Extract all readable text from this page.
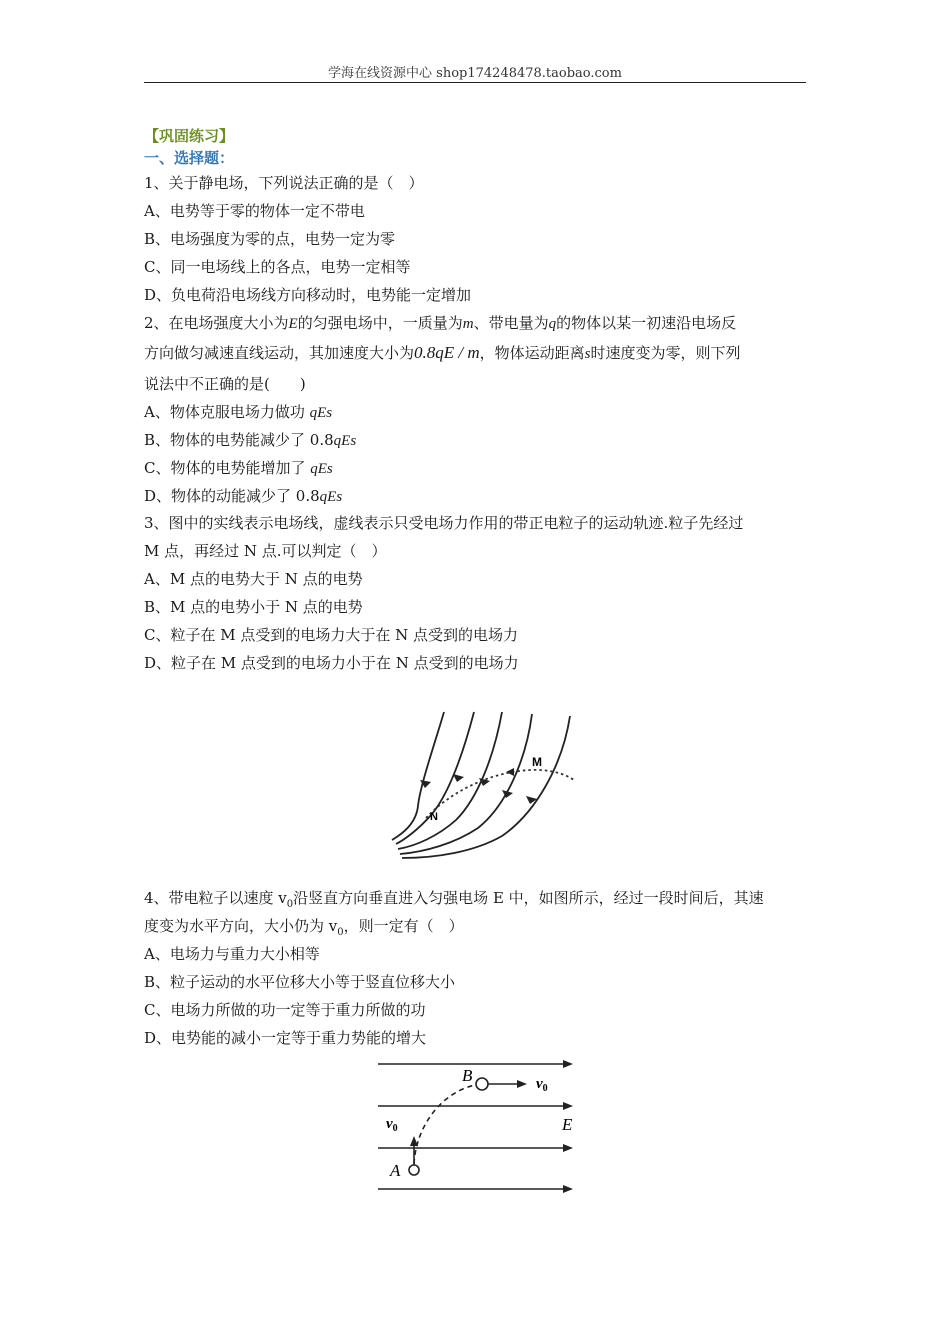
学海在线资源中心 shop174248478.taobao.com
【巩固练习】
一、选择题：
1、关于静电场，下列说法正确的是（　）
A、电势等于零的物体一定不带电
B、电场强度为零的点，电势一定为零
C、同一电场线上的各点，电势一定相等
D、负电荷沿电场线方向移动时，电势能一定增加
2、在电场强度大小为E的匀强电场中，一质量为m、带电量为q的物体以某一初速沿电场反
方向做匀减速直线运动，其加速度大小为0.8qE / m，物体运动距离s时速度变为零，则下列
说法中不正确的是(　　)
A、物体克服电场力做功 qEs
B、物体的电势能减少了 0.8qEs
C、物体的电势能增加了 qEs
D、物体的动能减少了 0.8qEs
3、图中的实线表示电场线，虚线表示只受电场力作用的带正电粒子的运动轨迹.粒子先经过
M 点，再经过 N 点.可以判定（　）
A、M 点的电势大于 N 点的电势
B、M 点的电势小于 N 点的电势
C、粒子在 M 点受到的电场力大于在 N 点受到的电场力
D、粒子在 M 点受到的电场力小于在 N 点受到的电场力
M
N
4、带电粒子以速度 $v_0$沿竖直方向垂直进入匀强电场 E 中，如图所示，经过一段时间后，其速
度变为水平方向，大小仍为 $v_0$，则一定有（　）
A、电场力与重力大小相等
B、粒子运动的水平位移大小等于竖直位移大小
C、电场力所做的功一定等于重力所做的功
D、电势能的减小一定等于重力势能的增大
B
A
E
$v_0$
$v_0$
